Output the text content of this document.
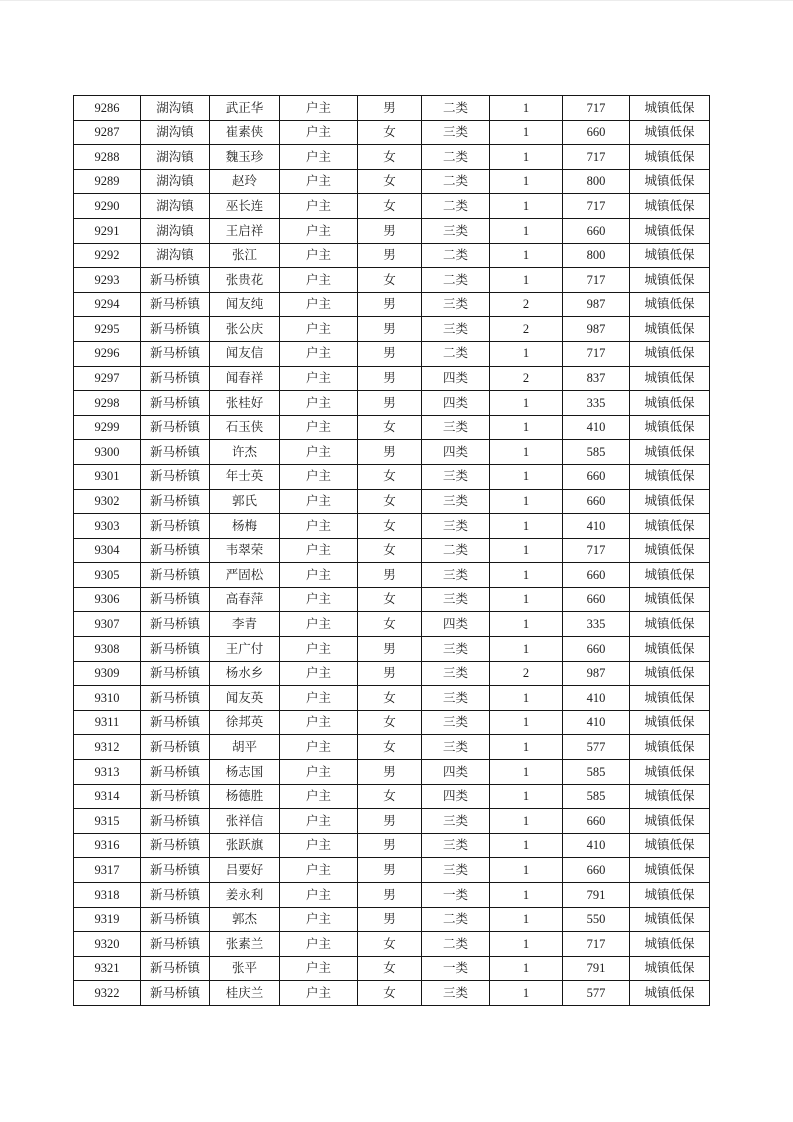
9286	湖沟镇	武正华	户主	男	二类	1	717	城镇低保
9287	湖沟镇	崔素侠	户主	女	三类	1	660	城镇低保
9288	湖沟镇	魏玉珍	户主	女	二类	1	717	城镇低保
9289	湖沟镇	赵玲	户主	女	二类	1	800	城镇低保
9290	湖沟镇	巫长连	户主	女	二类	1	717	城镇低保
9291	湖沟镇	王启祥	户主	男	三类	1	660	城镇低保
9292	湖沟镇	张江	户主	男	二类	1	800	城镇低保
9293	新马桥镇	张贵花	户主	女	二类	1	717	城镇低保
9294	新马桥镇	闻友纯	户主	男	三类	2	987	城镇低保
9295	新马桥镇	张公庆	户主	男	三类	2	987	城镇低保
9296	新马桥镇	闻友信	户主	男	二类	1	717	城镇低保
9297	新马桥镇	闻春祥	户主	男	四类	2	837	城镇低保
9298	新马桥镇	张桂好	户主	男	四类	1	335	城镇低保
9299	新马桥镇	石玉侠	户主	女	三类	1	410	城镇低保
9300	新马桥镇	许杰	户主	男	四类	1	585	城镇低保
9301	新马桥镇	年士英	户主	女	三类	1	660	城镇低保
9302	新马桥镇	郭氏	户主	女	三类	1	660	城镇低保
9303	新马桥镇	杨梅	户主	女	三类	1	410	城镇低保
9304	新马桥镇	韦翠荣	户主	女	二类	1	717	城镇低保
9305	新马桥镇	严固松	户主	男	三类	1	660	城镇低保
9306	新马桥镇	高春萍	户主	女	三类	1	660	城镇低保
9307	新马桥镇	李青	户主	女	四类	1	335	城镇低保
9308	新马桥镇	王广付	户主	男	三类	1	660	城镇低保
9309	新马桥镇	杨水乡	户主	男	三类	2	987	城镇低保
9310	新马桥镇	闻友英	户主	女	三类	1	410	城镇低保
9311	新马桥镇	徐邦英	户主	女	三类	1	410	城镇低保
9312	新马桥镇	胡平	户主	女	三类	1	577	城镇低保
9313	新马桥镇	杨志国	户主	男	四类	1	585	城镇低保
9314	新马桥镇	杨德胜	户主	女	四类	1	585	城镇低保
9315	新马桥镇	张祥信	户主	男	三类	1	660	城镇低保
9316	新马桥镇	张跃旗	户主	男	三类	1	410	城镇低保
9317	新马桥镇	吕要好	户主	男	三类	1	660	城镇低保
9318	新马桥镇	姜永利	户主	男	一类	1	791	城镇低保
9319	新马桥镇	郭杰	户主	男	二类	1	550	城镇低保
9320	新马桥镇	张素兰	户主	女	二类	1	717	城镇低保
9321	新马桥镇	张平	户主	女	一类	1	791	城镇低保
9322	新马桥镇	桂庆兰	户主	女	三类	1	577	城镇低保
